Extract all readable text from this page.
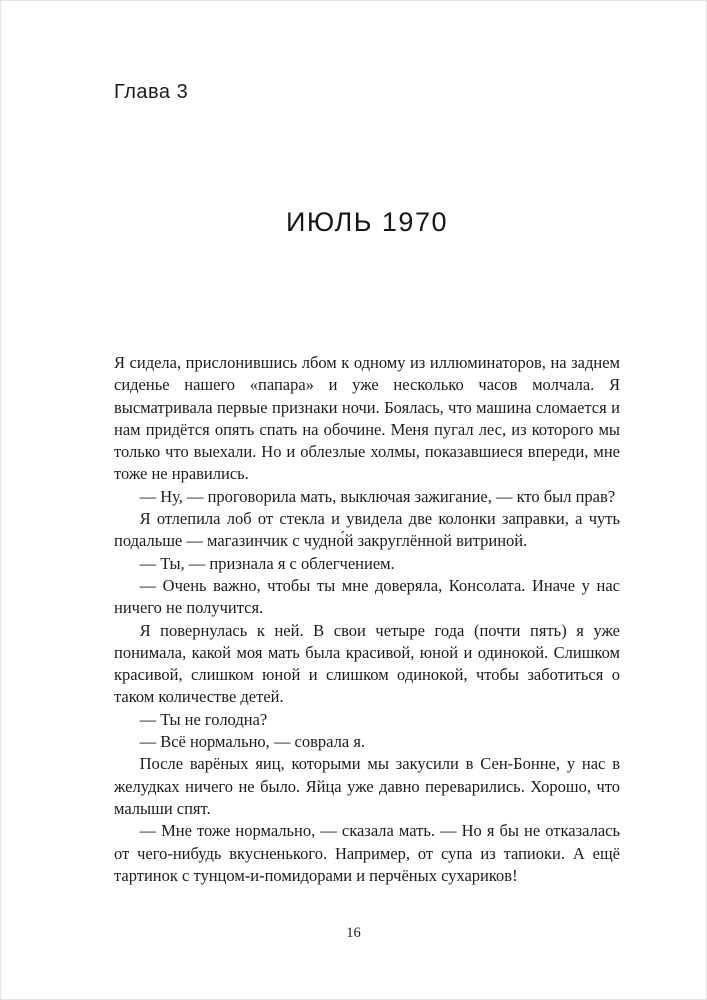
Глава 3
ИЮЛЬ 1970

Я сидела, прислонившись лбом к одному из иллюминаторов, на заднем сиденье нашего «папара» и уже несколько часов молчала. Я высматривала первые признаки ночи. Боялась, что машина сломается и нам придётся опять спать на обочине. Меня пугал лес, из которого мы только что выехали. Но и облезлые холмы, показавшиеся впереди, мне тоже не нравились.

— Ну, — проговорила мать, выключая зажигание, — кто был прав?

Я отлепила лоб от стекла и увидела две колонки заправки, а чуть подальше — магазинчик с чудно́й закруглённой витриной.

— Ты, — признала я с облегчением.

— Очень важно, чтобы ты мне доверяла, Консолата. Иначе у нас ничего не получится.

Я повернулась к ней. В свои четыре года (почти пять) я уже понимала, какой моя мать была красивой, юной и одинокой. Слишком красивой, слишком юной и слишком одинокой, чтобы заботиться о таком количестве детей.

— Ты не голодна?

— Всё нормально, — соврала я.

После варёных яиц, которыми мы закусили в Сен-Бонне, у нас в желудках ничего не было. Яйца уже давно переварились. Хорошо, что малыши спят.

— Мне тоже нормально, — сказала мать. — Но я бы не отказалась от чего-нибудь вкусненького. Например, от супа из тапиоки. А ещё тартинок с тунцом-и-помидорами и перчёных сухариков!

16
